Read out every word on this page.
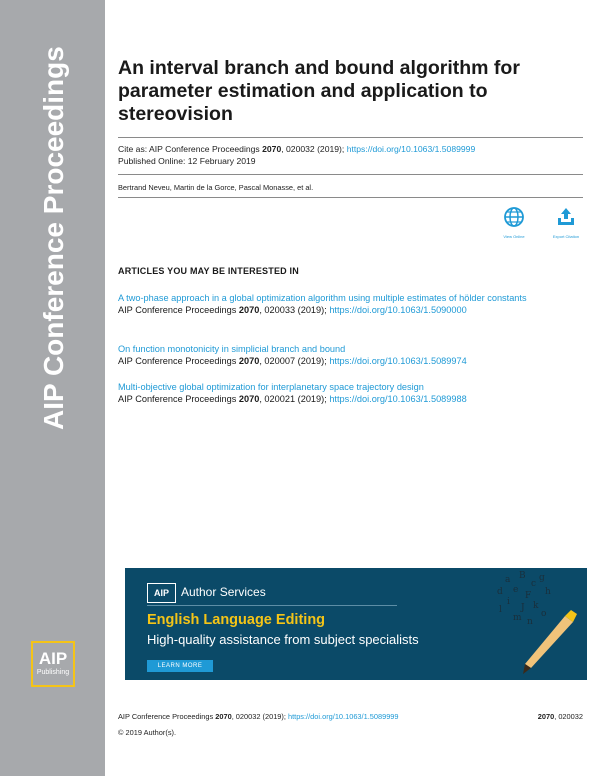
AIP Conference Proceedings
AIP
Publishing
An interval branch and bound algorithm for parameter estimation and application to stereovision
Cite as: AIP Conference Proceedings 2070, 020032 (2019); https://doi.org/10.1063/1.5089999
Published Online: 12 February 2019
Bertrand Neveu, Martin de la Gorce, Pascal Monasse, et al.
View Online	Export Citation
ARTICLES YOU MAY BE INTERESTED IN
A two-phase approach in a global optimization algorithm using multiple estimates of hölder constants
AIP Conference Proceedings 2070, 020033 (2019); https://doi.org/10.1063/1.5090000
On function monotonicity in simplicial branch and bound
AIP Conference Proceedings 2070, 020007 (2019); https://doi.org/10.1063/1.5089974
Multi-objective global optimization for interplanetary space trajectory design
AIP Conference Proceedings 2070, 020021 (2019); https://doi.org/10.1063/1.5089988
AIP	Author Services
English Language Editing
High-quality assistance from subject specialists
LEARN MORE
a B
c
d e
F
g
h
i
J k
l
m n
o
AIP Conference Proceedings 2070, 020032 (2019); https://doi.org/10.1063/1.5089999	2070, 020032
© 2019 Author(s).
